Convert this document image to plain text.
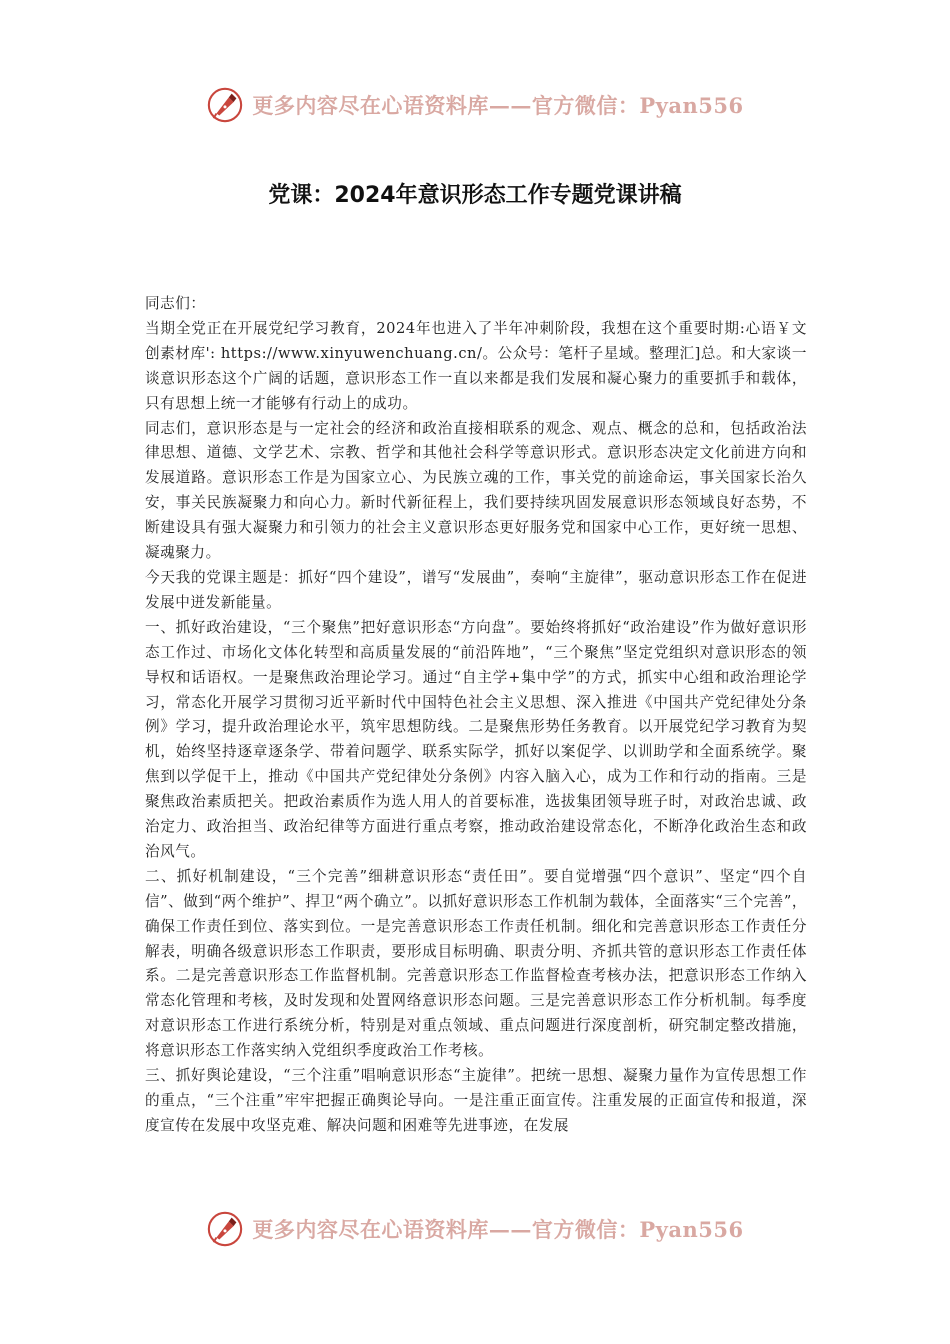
更多内容尽在心语资料库——官方微信：Pyan556
党课：2024年意识形态工作专题党课讲稿

同志们：

当期全党正在开展党纪学习教育，2024年也进入了半年冲刺阶段，我想在这个重要时期:心语￥文创素材库': https://www.xinyuwenchuang.cn/。公众号：笔杆子星域。整理汇]总。和大家谈一谈意识形态这个广阔的话题，意识形态工作一直以来都是我们发展和凝心聚力的重要抓手和载体，只有思想上统一才能够有行动上的成功。

同志们，意识形态是与一定社会的经济和政治直接相联系的观念、观点、概念的总和，包括政治法律思想、道德、文学艺术、宗教、哲学和其他社会科学等意识形式。意识形态决定文化前进方向和发展道路。意识形态工作是为国家立心、为民族立魂的工作，事关党的前途命运，事关国家长治久安，事关民族凝聚力和向心力。新时代新征程上，我们要持续巩固发展意识形态领域良好态势，不断建设具有强大凝聚力和引领力的社会主义意识形态更好服务党和国家中心工作，更好统一思想、凝魂聚力。

今天我的党课主题是：抓好“四个建设”，谱写“发展曲”，奏响“主旋律”，驱动意识形态工作在促进发展中迸发新能量。

一、抓好政治建设，“三个聚焦”把好意识形态“方向盘”。要始终将抓好“政治建设”作为做好意识形态工作过、市场化文体化转型和高质量发展的“前沿阵地”，“三个聚焦”坚定党组织对意识形态的领导权和话语权。一是聚焦政治理论学习。通过“自主学+集中学”的方式，抓实中心组和政治理论学习，常态化开展学习贯彻习近平新时代中国特色社会主义思想、深入推进《中国共产党纪律处分条例》学习，提升政治理论水平，筑牢思想防线。二是聚焦形势任务教育。以开展党纪学习教育为契机，始终坚持逐章逐条学、带着问题学、联系实际学，抓好以案促学、以训助学和全面系统学。聚焦到以学促干上，推动《中国共产党纪律处分条例》内容入脑入心，成为工作和行动的指南。三是聚焦政治素质把关。把政治素质作为选人用人的首要标准，选拔集团领导班子时，对政治忠诚、政治定力、政治担当、政治纪律等方面进行重点考察，推动政治建设常态化，不断净化政治生态和政治风气。

二、抓好机制建设，“三个完善”细耕意识形态“责任田”。要自觉增强“四个意识”、坚定“四个自信”、做到“两个维护”、捍卫“两个确立”。以抓好意识形态工作机制为载体，全面落实“三个完善”，确保工作责任到位、落实到位。一是完善意识形态工作责任机制。细化和完善意识形态工作责任分解表，明确各级意识形态工作职责，要形成目标明确、职责分明、齐抓共管的意识形态工作责任体系。二是完善意识形态工作监督机制。完善意识形态工作监督检查考核办法，把意识形态工作纳入常态化管理和考核，及时发现和处置网络意识形态问题。三是完善意识形态工作分析机制。每季度对意识形态工作进行系统分析，特别是对重点领域、重点问题进行深度剖析，研究制定整改措施，将意识形态工作落实纳入党组织季度政治工作考核。

三、抓好舆论建设，“三个注重”唱响意识形态“主旋律”。把统一思想、凝聚力量作为宣传思想工作的重点，“三个注重”牢牢把握正确舆论导向。一是注重正面宣传。注重发展的正面宣传和报道，深度宣传在发展中攻坚克难、解决问题和困难等先进事迹，在发展

更多内容尽在心语资料库——官方微信：Pyan556
